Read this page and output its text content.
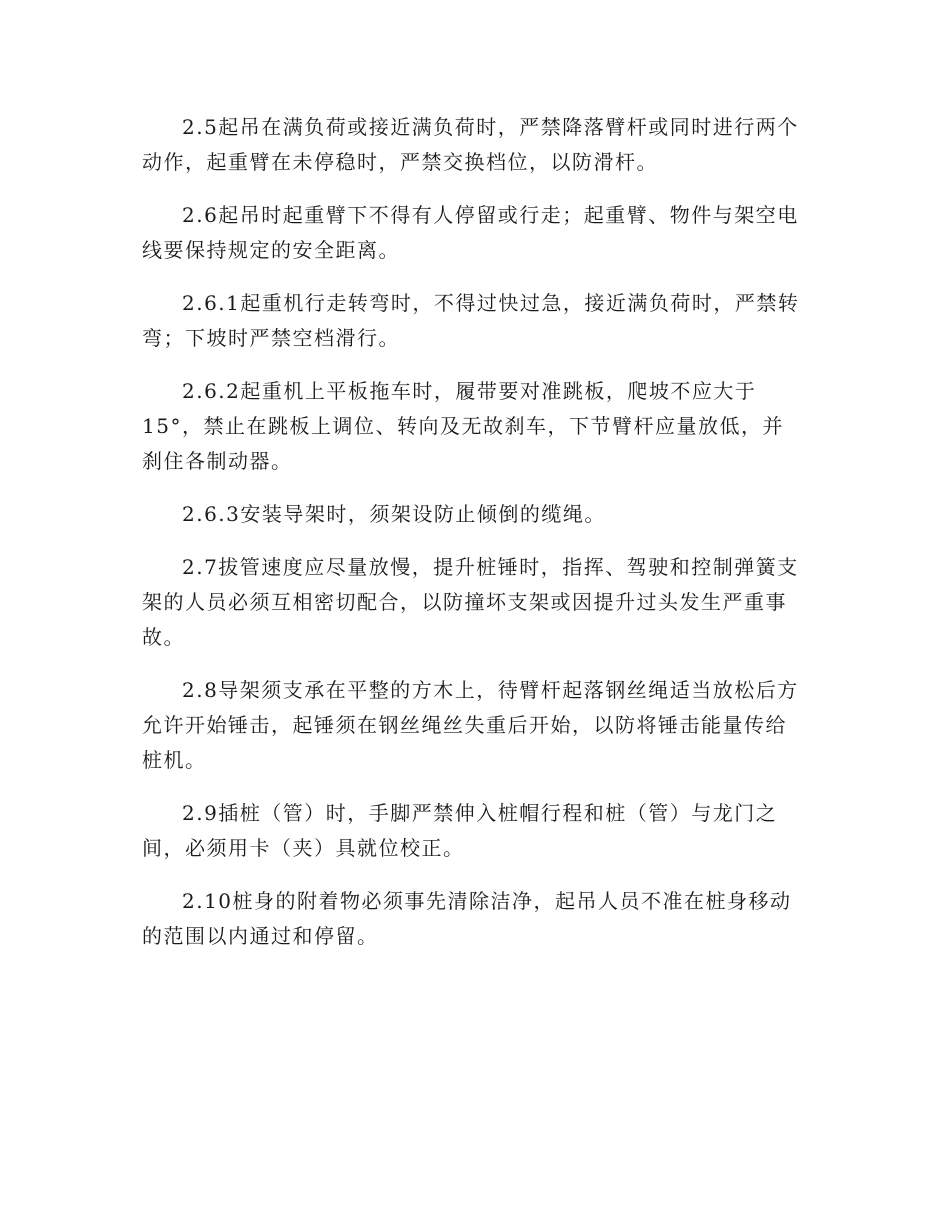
2.5起吊在满负荷或接近满负荷时，严禁降落臂杆或同时进行两个
动作，起重臂在未停稳时，严禁交换档位，以防滑杆。

2.6起吊时起重臂下不得有人停留或行走；起重臂、物件与架空电
线要保持规定的安全距离。

2.6.1起重机行走转弯时，不得过快过急，接近满负荷时，严禁转
弯；下坡时严禁空档滑行。

2.6.2起重机上平板拖车时，履带要对准跳板，爬坡不应大于
15°，禁止在跳板上调位、转向及无故刹车，下节臂杆应量放低，并
刹住各制动器。

2.6.3安装导架时，须架设防止倾倒的缆绳。

2.7拔管速度应尽量放慢，提升桩锤时，指挥、驾驶和控制弹簧支
架的人员必须互相密切配合，以防撞坏支架或因提升过头发生严重事
故。

2.8导架须支承在平整的方木上，待臂杆起落钢丝绳适当放松后方
允许开始锤击，起锤须在钢丝绳丝失重后开始，以防将锤击能量传给
桩机。

2.9插桩（管）时，手脚严禁伸入桩帽行程和桩（管）与龙门之
间，必须用卡（夹）具就位校正。

2.10桩身的附着物必须事先清除洁净，起吊人员不准在桩身移动
的范围以内通过和停留。
